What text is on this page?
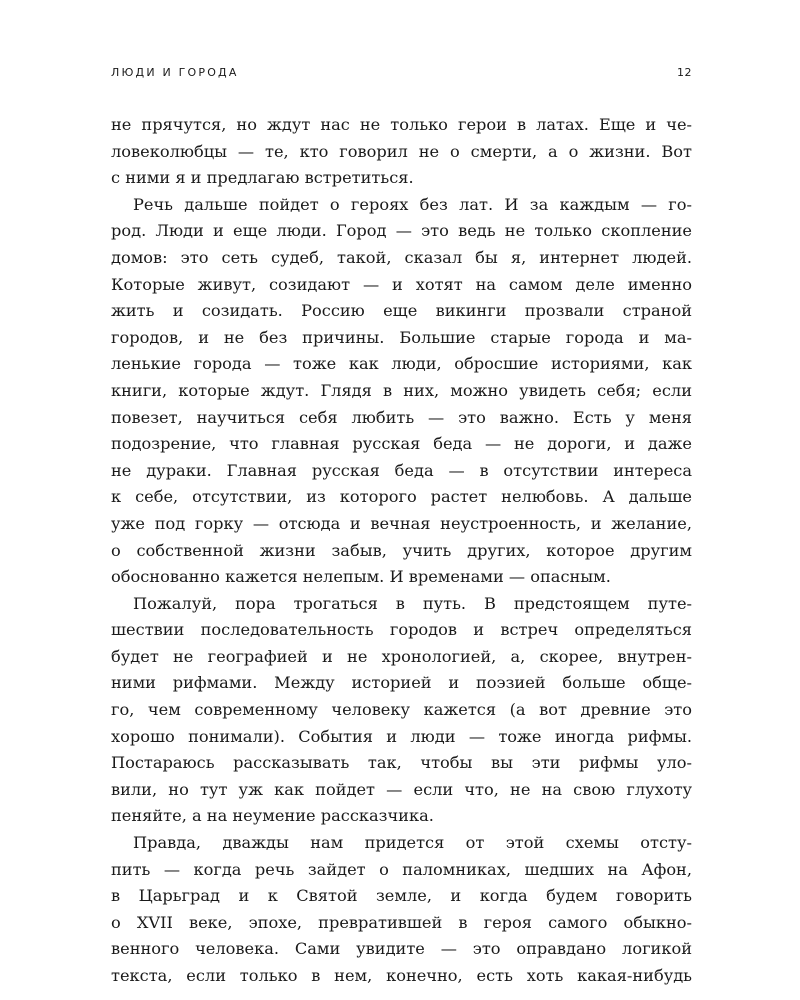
ЛЮДИ И ГОРОДА	12
не прячутся, но ждут нас не только герои в латах. Еще и че-
ловеколюбцы — те, кто говорил не о смерти, а о жизни. Вот
с ними я и предлагаю встретиться.
Речь дальше пойдет о героях без лат. И за каждым — го-
род. Люди и еще люди. Город — это ведь не только скопление
домов: это сеть судеб, такой, сказал бы я, интернет людей.
Которые живут, созидают — и хотят на самом деле именно
жить и созидать. Россию еще викинги прозвали страной
городов, и не без причины. Большие старые города и ма-
ленькие города — тоже как люди, обросшие историями, как
книги, которые ждут. Глядя в них, можно увидеть себя; если
повезет, научиться себя любить — это важно. Есть у меня
подозрение, что главная русская беда — не дороги, и даже
не дураки. Главная русская беда — в отсутствии интереса
к себе, отсутствии, из которого растет нелюбовь. А дальше
уже под горку — отсюда и вечная неустроенность, и желание,
о собственной жизни забыв, учить других, которое другим
обоснованно кажется нелепым. И временами — опасным.
Пожалуй, пора трогаться в путь. В предстоящем путе-
шествии последовательность городов и встреч определяться
будет не географией и не хронологией, а, скорее, внутрен-
ними рифмами. Между историей и поэзией больше обще-
го, чем современному человеку кажется (а вот древние это
хорошо понимали). События и люди — тоже иногда рифмы.
Постараюсь рассказывать так, чтобы вы эти рифмы уло-
вили, но тут уж как пойдет — если что, не на свою глухоту
пеняйте, а на неумение рассказчика.
Правда, дважды нам придется от этой схемы отсту-
пить — когда речь зайдет о паломниках, шедших на Афон,
в Царьград и к Святой земле, и когда будем говорить
о XVII веке, эпохе, превратившей в героя самого обыкно-
венного человека. Сами увидите — это оправдано логикой
текста, если только в нем, конечно, есть хоть какая-нибудь
